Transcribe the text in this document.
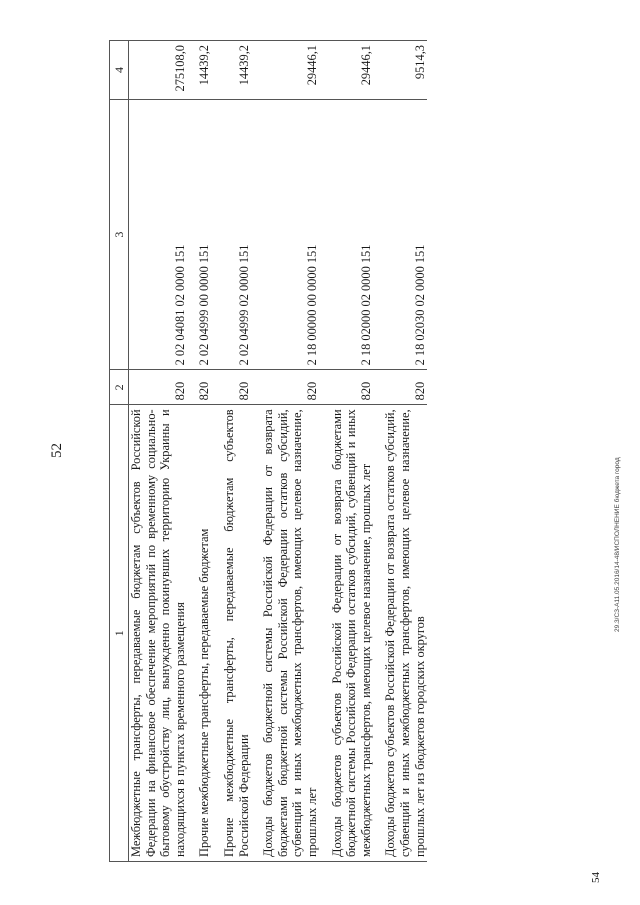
52
1	2	3	4
Межбюджетные трансферты, передаваемые бюджетам субъектов Российской Федерации на финансовое обеспечение мероприятий по временному социально-бытовому обустройству лиц, вынужденно покинувших территорию Украины и находящихся в пунктах временного размещения	820	2 02 04081 02 0000 151	275108,0
Прочие межбюджетные трансферты, передаваемые бюджетам	820	2 02 04999 00 0000 151	14439,2
Прочие межбюджетные трансферты, передаваемые бюджетам субъектов Российской Федерации	820	2 02 04999 02 0000 151	14439,2
Доходы бюджетов бюджетной системы Российской Федерации от возврата бюджетами бюджетной системы Российской Федерации остатков субсидий, субвенций и иных межбюджетных трансфертов, имеющих целевое назначение, прошлых лет	820	2 18 00000 00 0000 151	29446,1
Доходы бюджетов субъектов Российской Федерации от возврата бюджетами бюджетной системы Российской Федерации остатков субсидий, субвенций и иных межбюджетных трансфертов, имеющих целевое назначение, прошлых лет	820	2 18 02000 02 0000 151	29446,1
Доходы бюджетов субъектов Российской Федерации от возврата остатков субсидий, субвенций и иных межбюджетных трансфертов, имеющих целевое назначение, прошлых лет из бюджетов городских округов	820	2 18 02030 02 0000 151	9514,3
54
29.3/СЗ-А11.05.2016/14-48/ИСПОЛНЕНИЕ бюджета город
